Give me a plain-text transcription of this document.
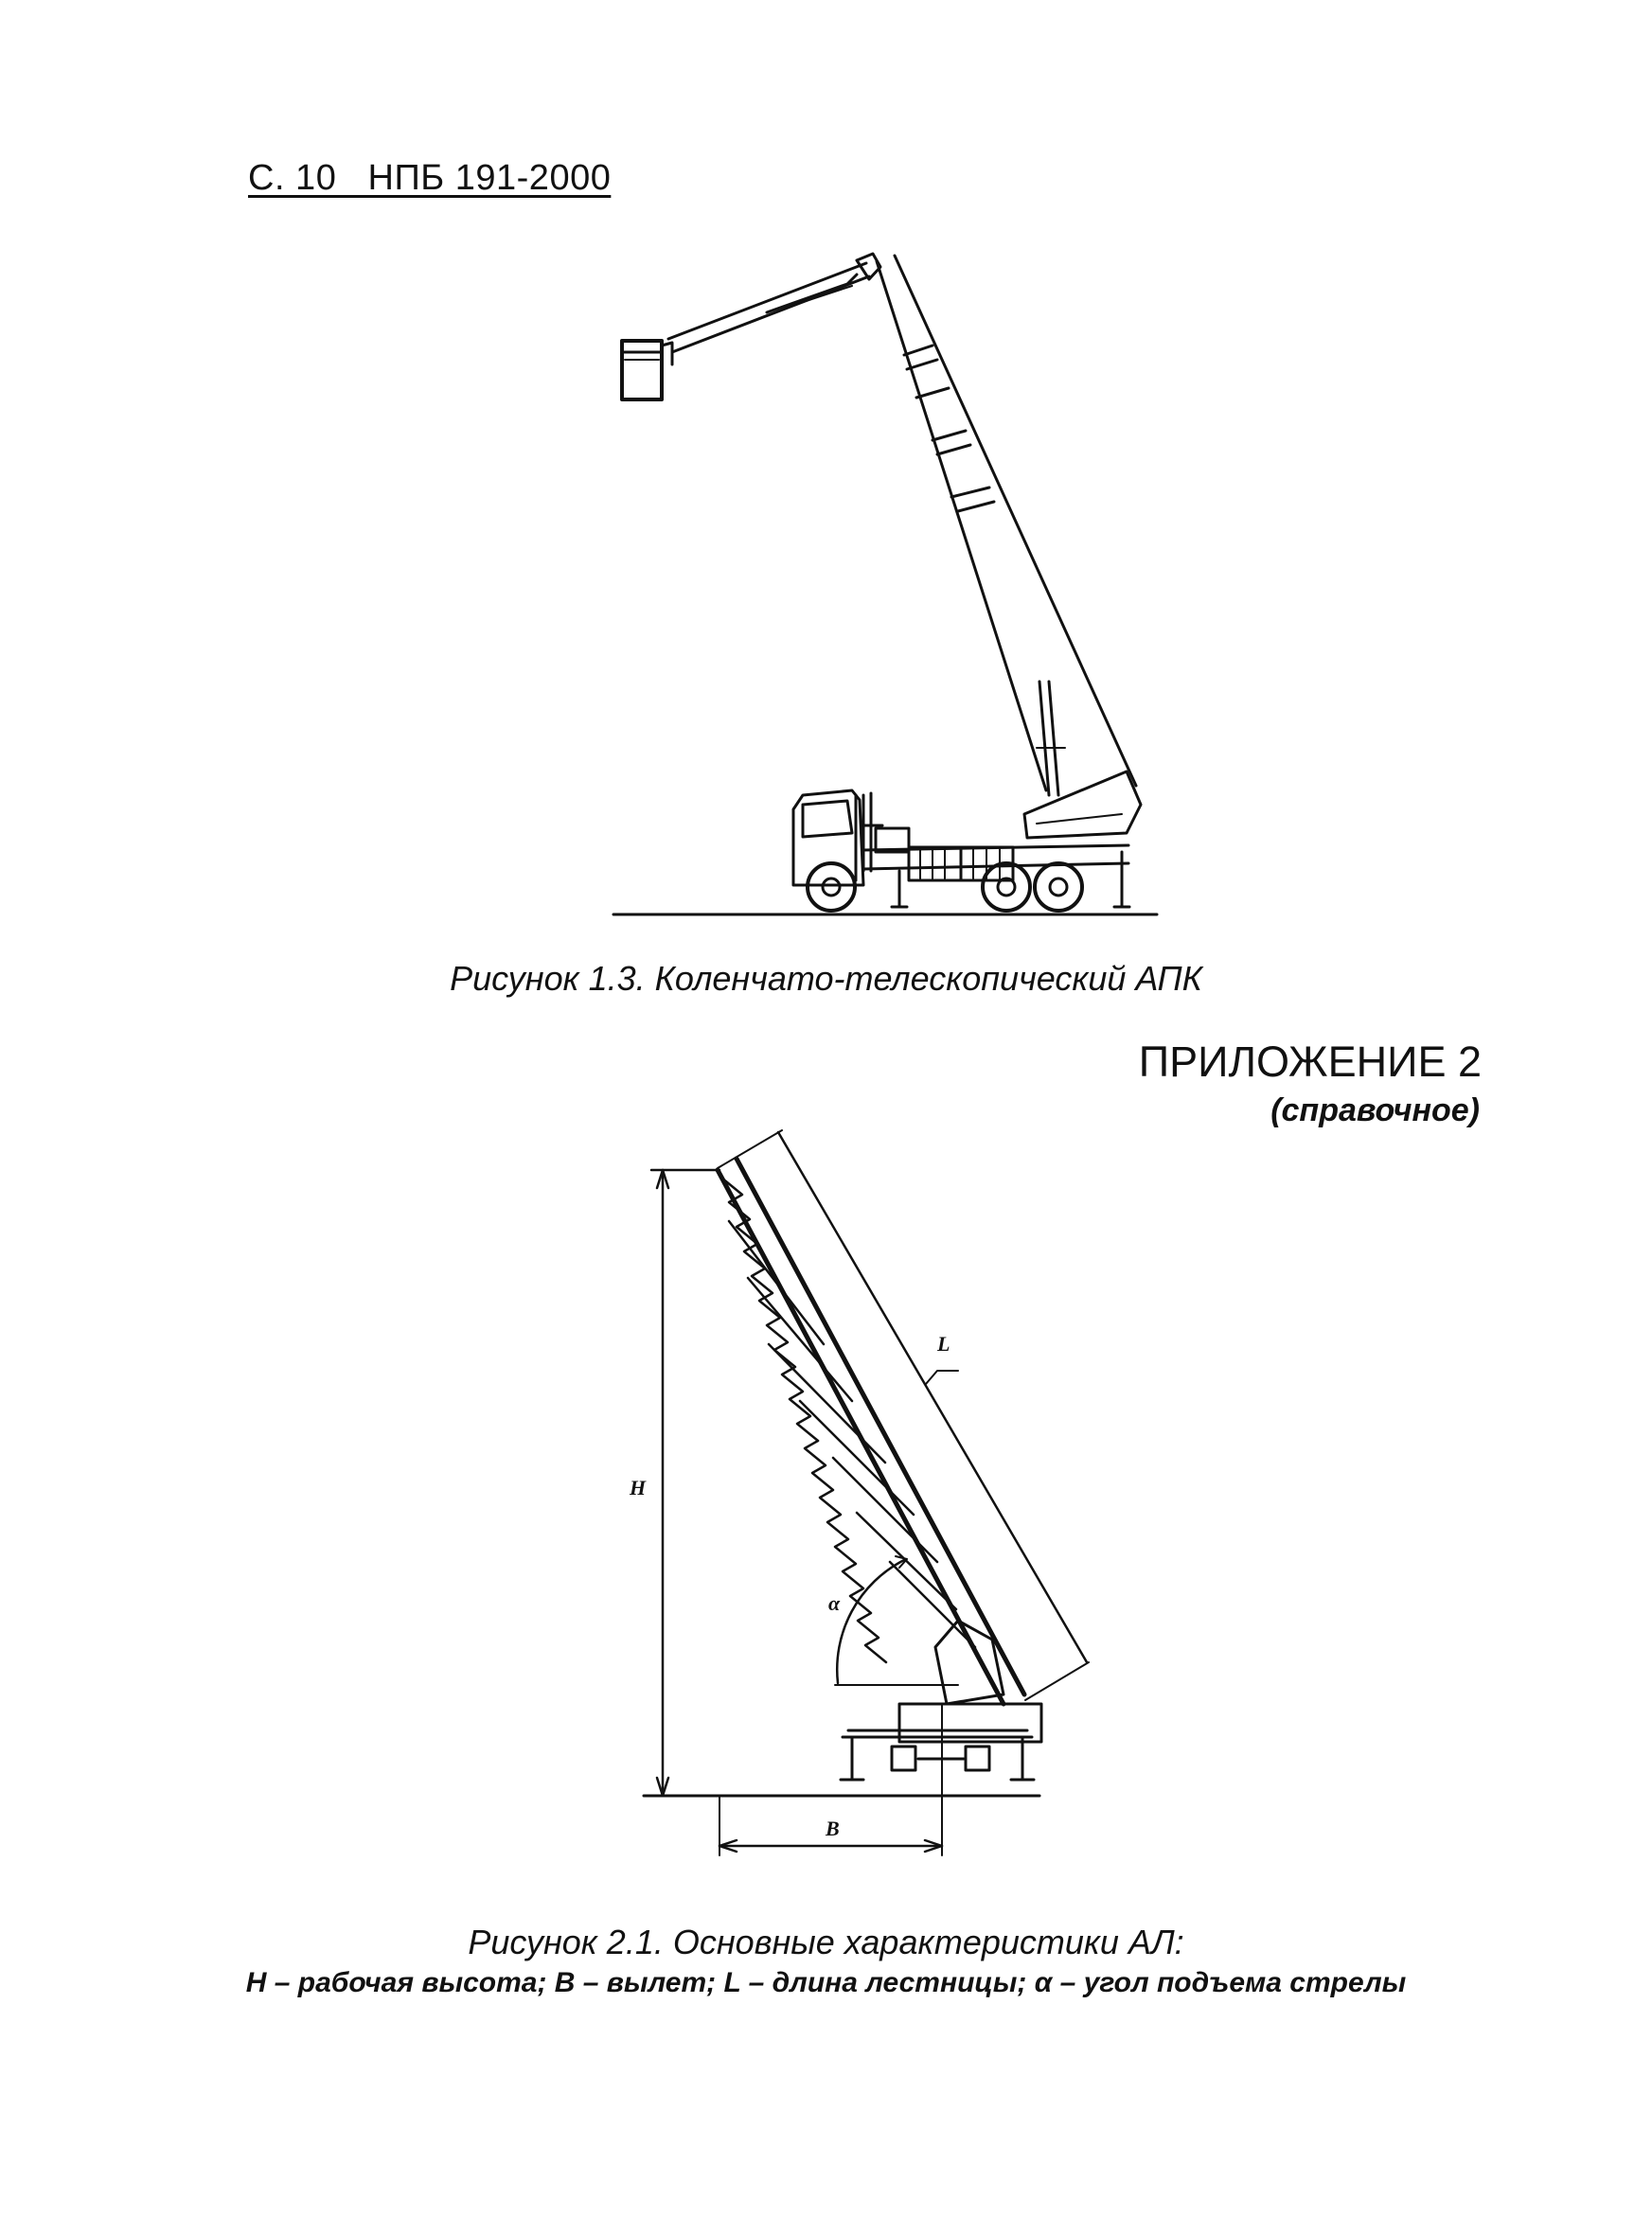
С. 10   НПБ 191-2000
Рисунок 1.3. Коленчато-телескопический АПК
ПРИЛОЖЕНИЕ 2
(справочное)
H
L
α
B
Рисунок 2.1. Основные характеристики АЛ:
Н – рабочая высота; В – вылет; L – длина лестницы; α – угол подъема стрелы
